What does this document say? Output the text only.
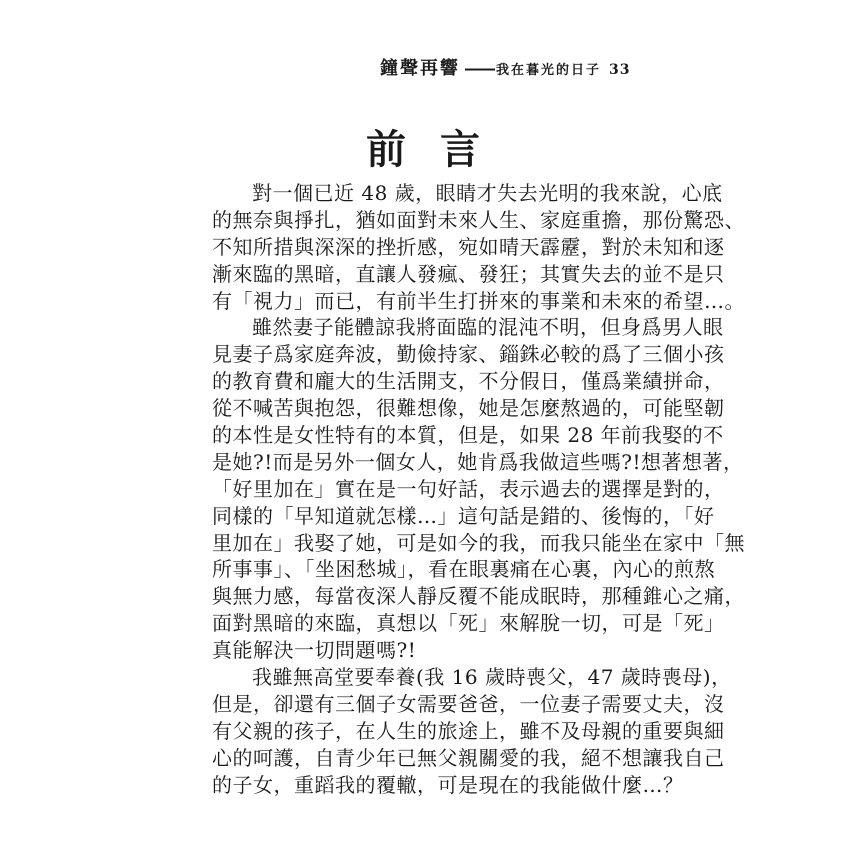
鐘聲再響 —— 我在暮光的日子 33
前言
對一個已近 48 歲，眼睛才失去光明的我來說，心底
的無奈與掙扎，猶如面對未來人生、家庭重擔，那份驚恐、
不知所措與深深的挫折感，宛如晴天霹靂，對於未知和逐
漸來臨的黑暗，直讓人發瘋、發狂；其實失去的並不是只
有「視力」而已，有前半生打拼來的事業和未來的希望…。
雖然妻子能體諒我將面臨的混沌不明，但身爲男人眼
見妻子爲家庭奔波，勤儉持家、錙銖必較的爲了三個小孩
的教育費和龐大的生活開支，不分假日，僅爲業績拼命，
從不喊苦與抱怨，很難想像，她是怎麼熬過的，可能堅韌
的本性是女性特有的本質，但是，如果 28 年前我娶的不
是她?!而是另外一個女人，她肯爲我做這些嗎?!想著想著，
「好里加在」實在是一句好話，表示過去的選擇是對的，
同樣的「早知道就怎樣…」這句話是錯的、後悔的，「好
里加在」我娶了她，可是如今的我，而我只能坐在家中「無
所事事」、「坐困愁城」，看在眼裏痛在心裏，內心的煎熬
與無力感，每當夜深人靜反覆不能成眠時，那種錐心之痛，
面對黑暗的來臨，真想以「死」來解脫一切，可是「死」
真能解決一切問題嗎?!
我雖無高堂要奉養(我 16 歲時喪父，47 歲時喪母)，
但是，卻還有三個子女需要爸爸，一位妻子需要丈夫，沒
有父親的孩子，在人生的旅途上，雖不及母親的重要與細
心的呵護，自青少年已無父親關愛的我，絕不想讓我自己
的子女，重蹈我的覆轍，可是現在的我能做什麼…？
